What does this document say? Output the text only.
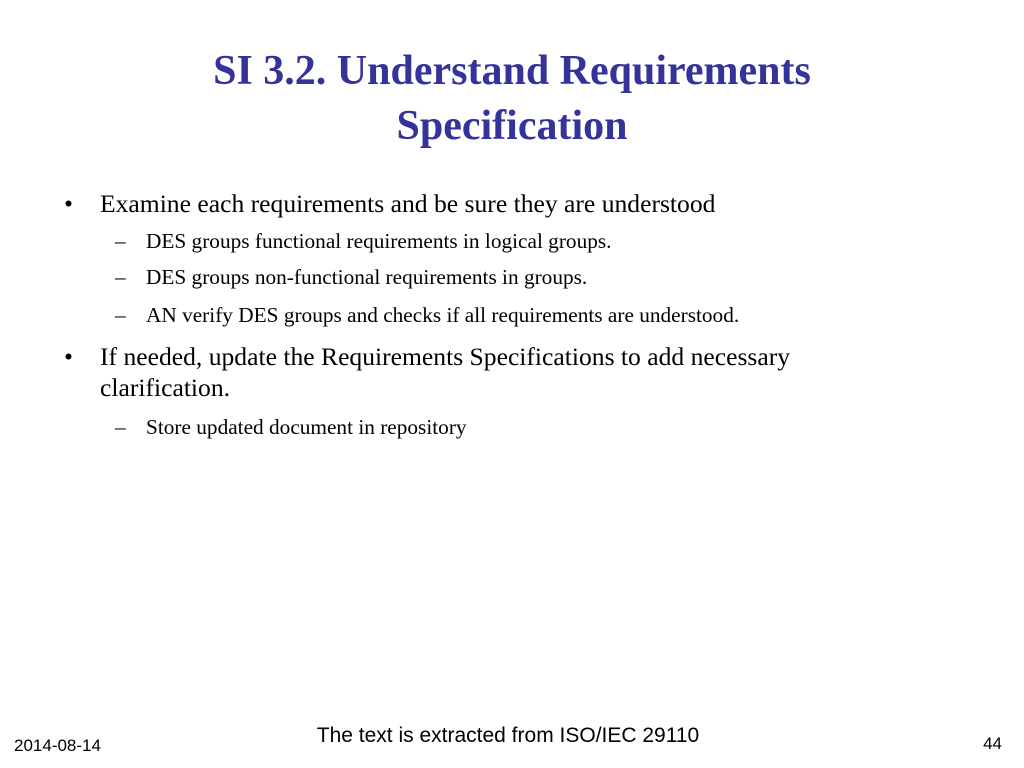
SI 3.2. Understand Requirements
Specification
• Examine each requirements and be sure they are understood
– DES groups functional requirements in logical groups.
– DES groups non-functional requirements in groups.
– AN verify DES groups and checks if all requirements are understood.
• If needed, update the Requirements Specifications to add necessary clarification.
– Store updated document in repository
The text is extracted from ISO/IEC 29110
2014-08-14	44
